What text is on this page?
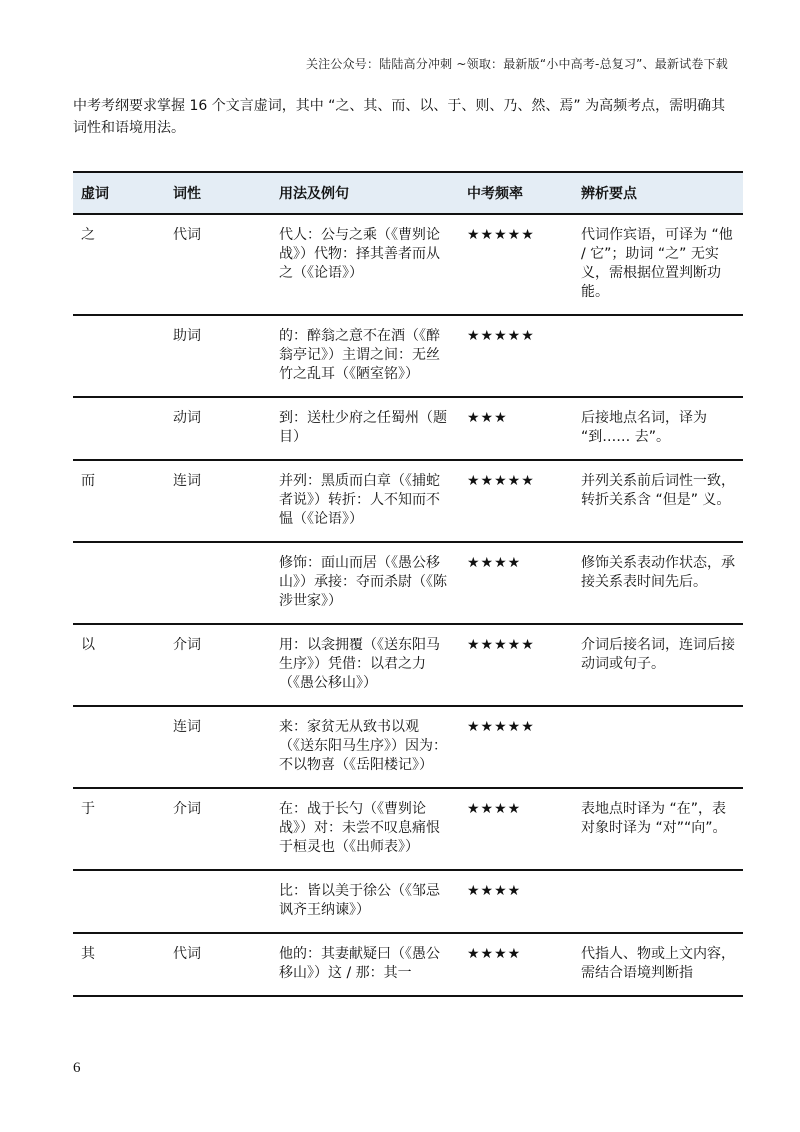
关注公众号：陆陆高分冲刺 ~领取：最新版“小中高考-总复习”、最新试卷下载

中考考纲要求掌握 16 个文言虚词，其中 “之、其、而、以、于、则、乃、然、焉” 为高频考点，需明确其词性和语境用法。

虚词	词性	用法及例句	中考频率	辨析要点
之	代词	代人：公与之乘（《曹刿论战》）代物：择其善者而从之（《论语》）	★★★★★	代词作宾语，可译为 “他 / 它”；助词 “之” 无实义，需根据位置判断功能。
	助词	的：醉翁之意不在酒（《醉翁亭记》）主谓之间：无丝竹之乱耳（《陋室铭》）	★★★★★	
	动词	到：送杜少府之任蜀州（题目）	★★★	后接地点名词，译为 “到…… 去”。
而	连词	并列：黑质而白章（《捕蛇者说》）转折：人不知而不愠（《论语》）	★★★★★	并列关系前后词性一致，转折关系含 “但是” 义。
		修饰：面山而居（《愚公移山》）承接：夺而杀尉（《陈涉世家》）	★★★★	修饰关系表动作状态，承接关系表时间先后。
以	介词	用：以衾拥覆（《送东阳马生序》）凭借：以君之力（《愚公移山》）	★★★★★	介词后接名词，连词后接动词或句子。
	连词	来：家贫无从致书以观（《送东阳马生序》）因为：不以物喜（《岳阳楼记》）	★★★★★	
于	介词	在：战于长勺（《曹刿论战》）对：未尝不叹息痛恨于桓灵也（《出师表》）	★★★★	表地点时译为 “在”，表对象时译为 “对”“向”。
		比：皆以美于徐公（《邹忌讽齐王纳谏》）	★★★★	
其	代词	他的：其妻献疑曰（《愚公移山》）这 / 那：其一	★★★★	代指人、物或上文内容，需结合语境判断指
6
